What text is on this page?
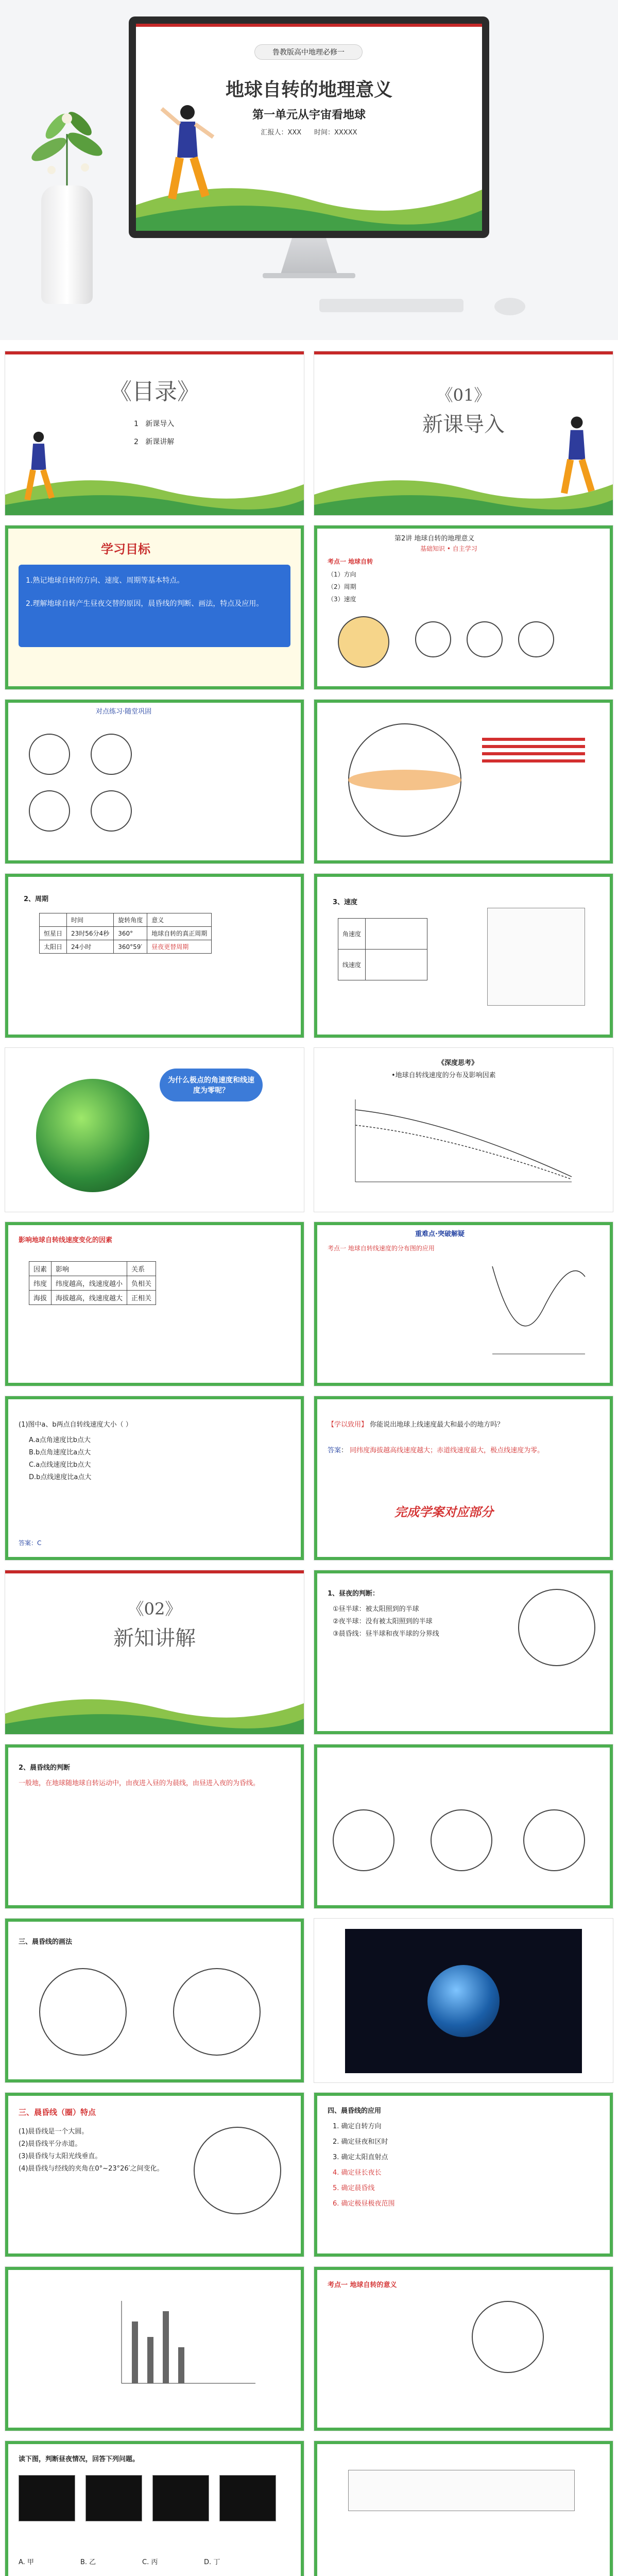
鲁教版高中地理必修一
地球自转的地理意义
第一单元从宇宙看地球
汇报人：XXX      时间：XXXXX
《目录》
1 新课导入
2 新课讲解
《01》
新课导入
学习目标
1.熟记地球自转的方向、速度、周期等基本特点。
2.理解地球自转产生昼夜交替的原因，晨昏线的判断、画法，特点及应用。
第2讲 地球自转的地理意义
基础知识 • 自主学习
考点一 地球自转
（1）方向
（2）周期
（3）速度
对点练习·随堂巩固
2、周期
	时间	旋转角度	意义
恒星日	23时56分4秒	360°	地球自转的真正周期
太阳日	24小时	360°59′	昼夜更替周期
3、速度
角速度	
线速度	
为什么极点的角速度和线速度为零呢？
《深度思考》
•地球自转线速度的分布及影响因素
影响地球自转线速度变化的因素
因素	影响	关系
纬度	纬度越高，线速度越小	负相关
海拔	海拔越高，线速度越大	正相关
重难点·突破解疑
考点一 地球自转线速度的分布图的应用
(1)图中a、b两点自转线速度大小（ ）
A.a点角速度比b点大
B.b点角速度比a点大
C.a点线速度比b点大
D.b点线速度比a点大
答案：C
【学以致用】 你能说出地球上线速度最大和最小的地方吗？
答案： 同纬度海拔越高线速度越大；赤道线速度最大，极点线速度为零。
完成学案对应部分
《02》
新知讲解
1、昼夜的判断：
①昼半球：被太阳照到的半球
②夜半球：没有被太阳照到的半球
③晨昏线：昼半球和夜半球的分界线
2、晨昏线的判断
一般地，在地球随地球自转运动中，由夜进入昼的为晨线，由昼进入夜的为昏线。
三、晨昏线的画法
三、晨昏线（圈）特点
(1)晨昏线是一个大圆。
(2)晨昏线平分赤道。
(3)晨昏线与太阳光线垂直。
(4)晨昏线与经线的夹角在0°~23°26′之间变化。
四、晨昏线的应用
1. 确定自转方向
2. 确定昼夜和区时
3. 确定太阳直射点
4. 确定昼长夜长
5. 确定晨昏线
6. 确定极昼极夜范围
考点一 地球自转的意义
读下图，判断昼夜情况，回答下列问题。
A. 甲	B. 乙	C. 丙	D. 丁
